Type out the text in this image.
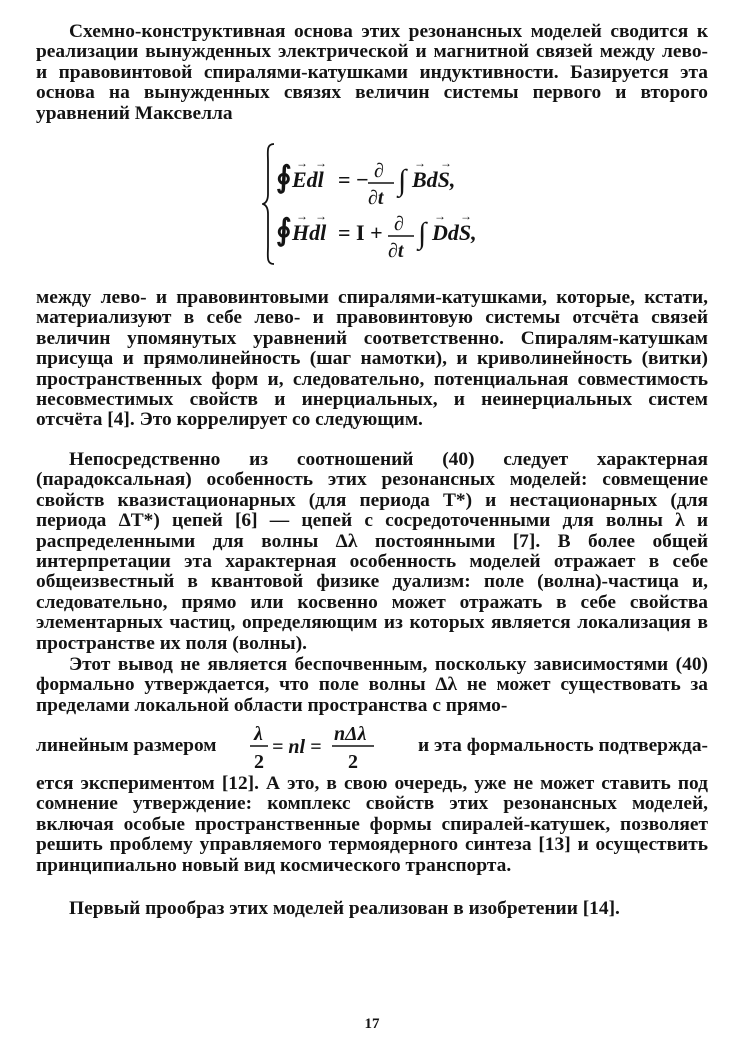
Схемно-конструктивная основа этих резонансных моделей сводится к реализации вынужденных электрической и магнитной связей между лево- и правовинтовой спиралями-катушками индуктивности. Базируется эта основа на вынужденных связях величин системы первого и второго уравнений Максвелла

∮ Edl
→ →
= − ∂
∂t
∫ BdS,
→ →
∮ Hdl
→ →
= I + ∂
∂t
∫ DdS,
→ →

между лево- и правовинтовыми спиралями-катушками, которые, кстати, материализуют в себе лево- и правовинтовую системы отсчёта связей величин упомянутых уравнений соответственно. Спиралям-катушкам присуща и прямолинейность (шаг намотки), и криволинейность (витки) пространственных форм и, следовательно, потенциальная совместимость несовместимых свойств и инерциальных, и неинерциальных систем отсчёта [4]. Это коррелирует со следующим.

Непосредственно из соотношений (40) следует характерная (парадоксальная) особенность этих резонансных моделей: совмещение свойств квазистационарных (для периода T*) и нестационарных (для периода ΔT*) цепей [6] — цепей с сосредоточенными для волны λ и распределенными для волны Δλ постоянными [7]. В более общей интерпретации эта характерная особенность моделей отражает в себе общеизвестный в квантовой физике дуализм: поле (волна)-частица и, следовательно, прямо или косвенно может отражать в себе свойства элементарных частиц, определяющим из которых является локализация в пространстве их поля (волны).

Этот вывод не является беспочвенным, поскольку зависимостями (40) формально утверждается, что поле волны Δλ не может существовать за пределами локальной области пространства с прямо-

линейным размером
λ
2
= nl =
nΔλ
2
и эта формальность подтвержда-

ется экспериментом [12]. А это, в свою очередь, уже не может ставить под сомнение утверждение: комплекс свойств этих резонансных моделей, включая особые пространственные формы спиралей-катушек, позволяет решить проблему управляемого термоядерного синтеза [13] и осуществить принципиально новый вид космического транспорта.

Первый прообраз этих моделей реализован в изобретении [14].

17
